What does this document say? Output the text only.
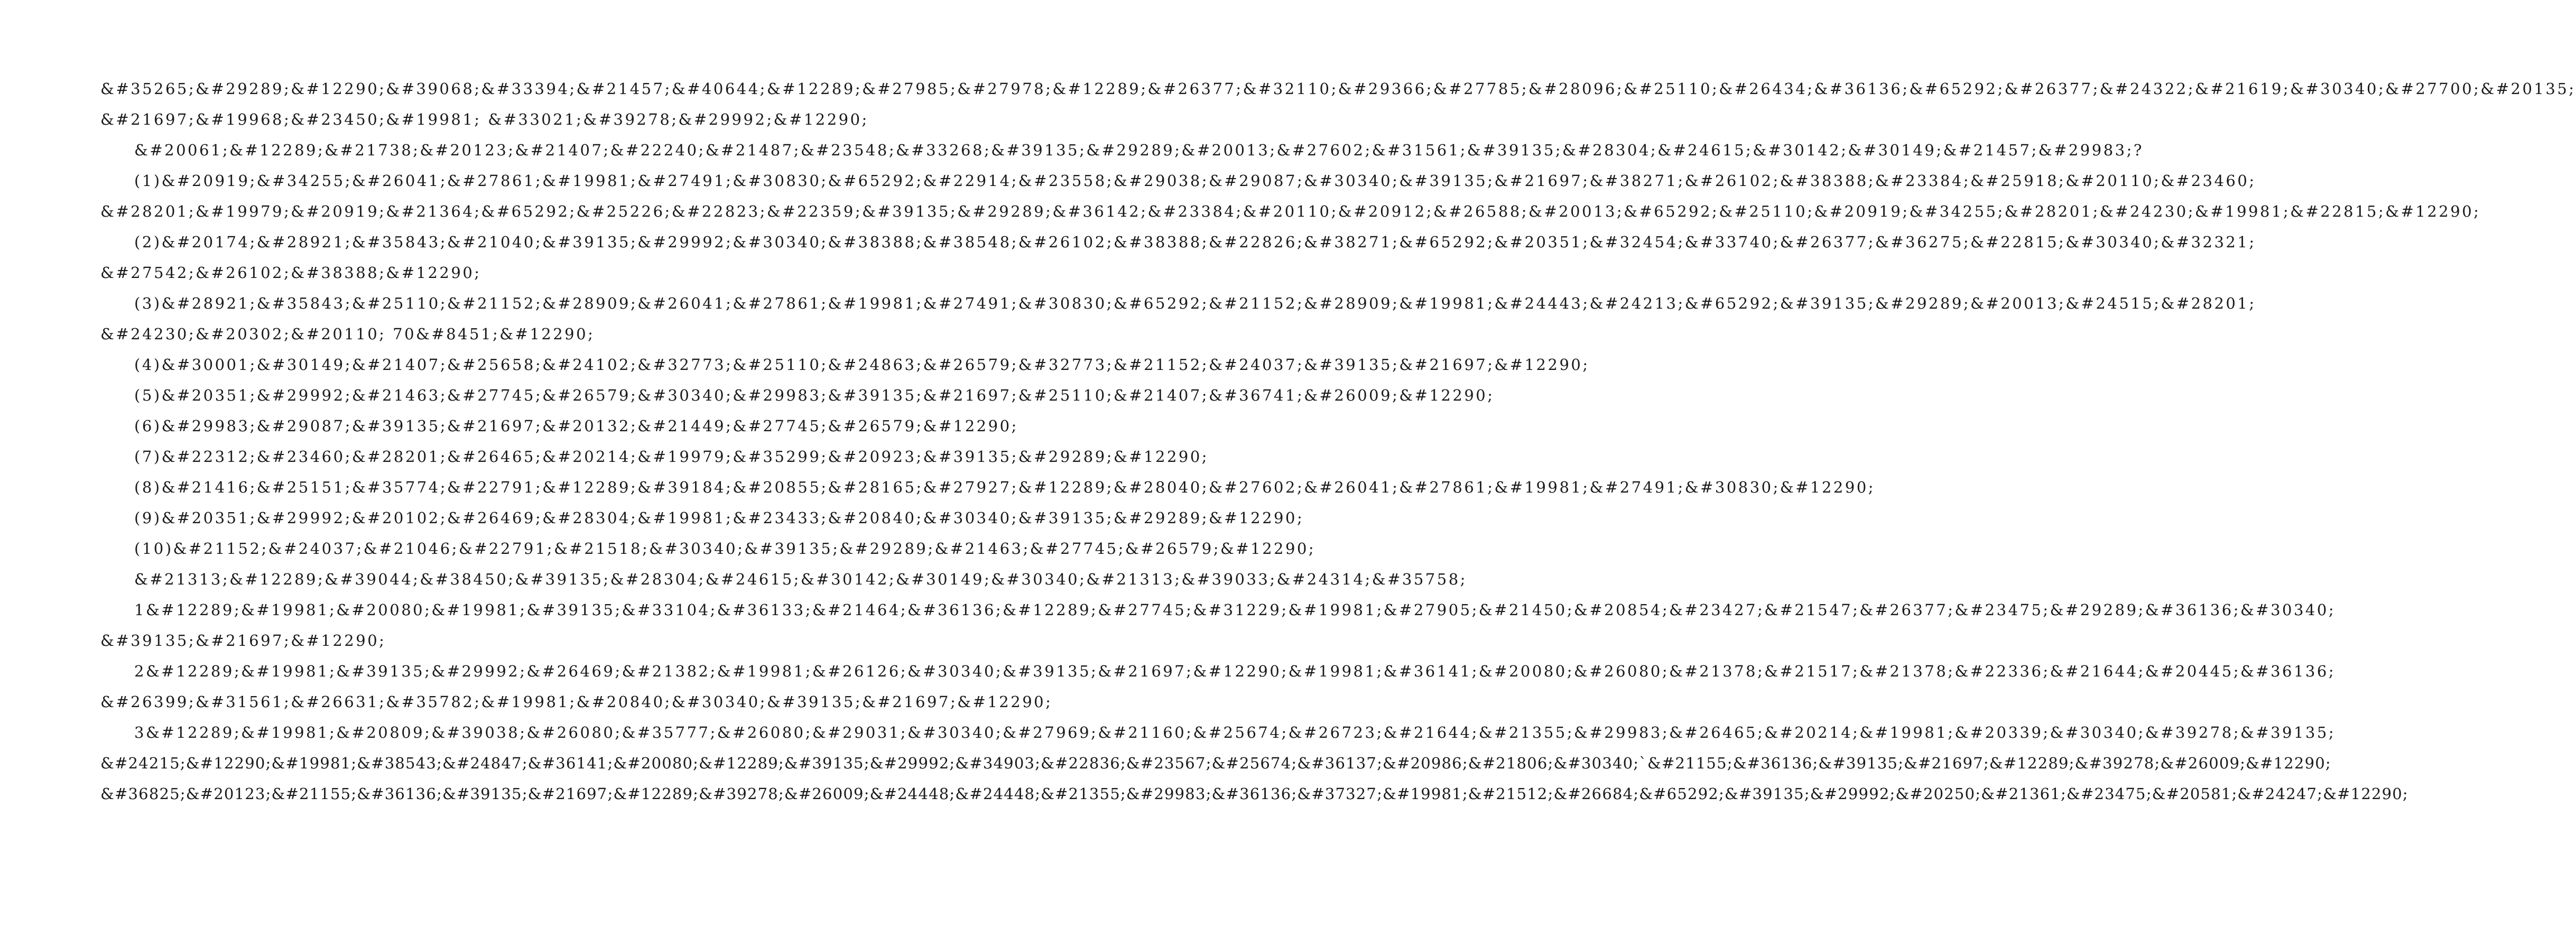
&#35265;&#29289;&#12290;&#39068;&#33394;&#21457;&#40644;&#12289;&#27985;&#27978;&#12289;&#26377;&#32110;&#29366;&#27785;&#28096;&#25110;&#26434;&#36136;&#65292;&#26377;&#24322;&#21619;&#30340;&#27700;&#20135;
&#21697;&#19968;&#23450;&#19981; &#33021;&#39278;&#29992;&#12290;
&#20061;&#12289;&#21738;&#20123;&#21407;&#22240;&#21487;&#23548;&#33268;&#39135;&#29289;&#20013;&#27602;&#31561;&#39135;&#28304;&#24615;&#30142;&#30149;&#21457;&#29983;?
(1)&#20919;&#34255;&#26041;&#27861;&#19981;&#27491;&#30830;&#65292;&#22914;&#23558;&#29038;&#29087;&#30340;&#39135;&#21697;&#38271;&#26102;&#38388;&#23384;&#25918;&#20110;&#23460;
&#28201;&#19979;&#20919;&#21364;&#65292;&#25226;&#22823;&#22359;&#39135;&#29289;&#36142;&#23384;&#20110;&#20912;&#26588;&#20013;&#65292;&#25110;&#20919;&#34255;&#28201;&#24230;&#19981;&#22815;&#12290;
(2)&#20174;&#28921;&#35843;&#21040;&#39135;&#29992;&#30340;&#38388;&#38548;&#26102;&#38388;&#22826;&#38271;&#65292;&#20351;&#32454;&#33740;&#26377;&#36275;&#22815;&#30340;&#32321;
&#27542;&#26102;&#38388;&#12290;
(3)&#28921;&#35843;&#25110;&#21152;&#28909;&#26041;&#27861;&#19981;&#27491;&#30830;&#65292;&#21152;&#28909;&#19981;&#24443;&#24213;&#65292;&#39135;&#29289;&#20013;&#24515;&#28201;
&#24230;&#20302;&#20110; 70&#8451;&#12290;
(4)&#30001;&#30149;&#21407;&#25658;&#24102;&#32773;&#25110;&#24863;&#26579;&#32773;&#21152;&#24037;&#39135;&#21697;&#12290;
(5)&#20351;&#29992;&#21463;&#27745;&#26579;&#30340;&#29983;&#39135;&#21697;&#25110;&#21407;&#36741;&#26009;&#12290;
(6)&#29983;&#29087;&#39135;&#21697;&#20132;&#21449;&#27745;&#26579;&#12290;
(7)&#22312;&#23460;&#28201;&#26465;&#20214;&#19979;&#35299;&#20923;&#39135;&#29289;&#12290;
(8)&#21416;&#25151;&#35774;&#22791;&#12289;&#39184;&#20855;&#28165;&#27927;&#12289;&#28040;&#27602;&#26041;&#27861;&#19981;&#27491;&#30830;&#12290;
(9)&#20351;&#29992;&#20102;&#26469;&#28304;&#19981;&#23433;&#20840;&#30340;&#39135;&#29289;&#12290;
(10)&#21152;&#24037;&#21046;&#22791;&#21518;&#30340;&#39135;&#29289;&#21463;&#27745;&#26579;&#12290;
&#21313;&#12289;&#39044;&#38450;&#39135;&#28304;&#24615;&#30142;&#30149;&#30340;&#21313;&#39033;&#24314;&#35758;
1&#12289;&#19981;&#20080;&#19981;&#39135;&#33104;&#36133;&#21464;&#36136;&#12289;&#27745;&#31229;&#19981;&#27905;&#21450;&#20854;&#23427;&#21547;&#26377;&#23475;&#29289;&#36136;&#30340;
&#39135;&#21697;&#12290;
2&#12289;&#19981;&#39135;&#29992;&#26469;&#21382;&#19981;&#26126;&#30340;&#39135;&#21697;&#12290;&#19981;&#36141;&#20080;&#26080;&#21378;&#21517;&#21378;&#22336;&#21644;&#20445;&#36136;
&#26399;&#31561;&#26631;&#35782;&#19981;&#20840;&#30340;&#39135;&#21697;&#12290;
3&#12289;&#19981;&#20809;&#39038;&#26080;&#35777;&#26080;&#29031;&#30340;&#27969;&#21160;&#25674;&#26723;&#21644;&#21355;&#29983;&#26465;&#20214;&#19981;&#20339;&#30340;&#39278;&#39135;
&#24215;&#12290;&#19981;&#38543;&#24847;&#36141;&#20080;&#12289;&#39135;&#29992;&#34903;&#22836;&#23567;&#25674;&#36137;&#20986;&#21806;&#30340;`&#21155;&#36136;&#39135;&#21697;&#12289;&#39278;&#26009;&#12290;
&#36825;&#20123;&#21155;&#36136;&#39135;&#21697;&#12289;&#39278;&#26009;&#24448;&#24448;&#21355;&#29983;&#36136;&#37327;&#19981;&#21512;&#26684;&#65292;&#39135;&#29992;&#20250;&#21361;&#23475;&#20581;&#24247;&#12290;
